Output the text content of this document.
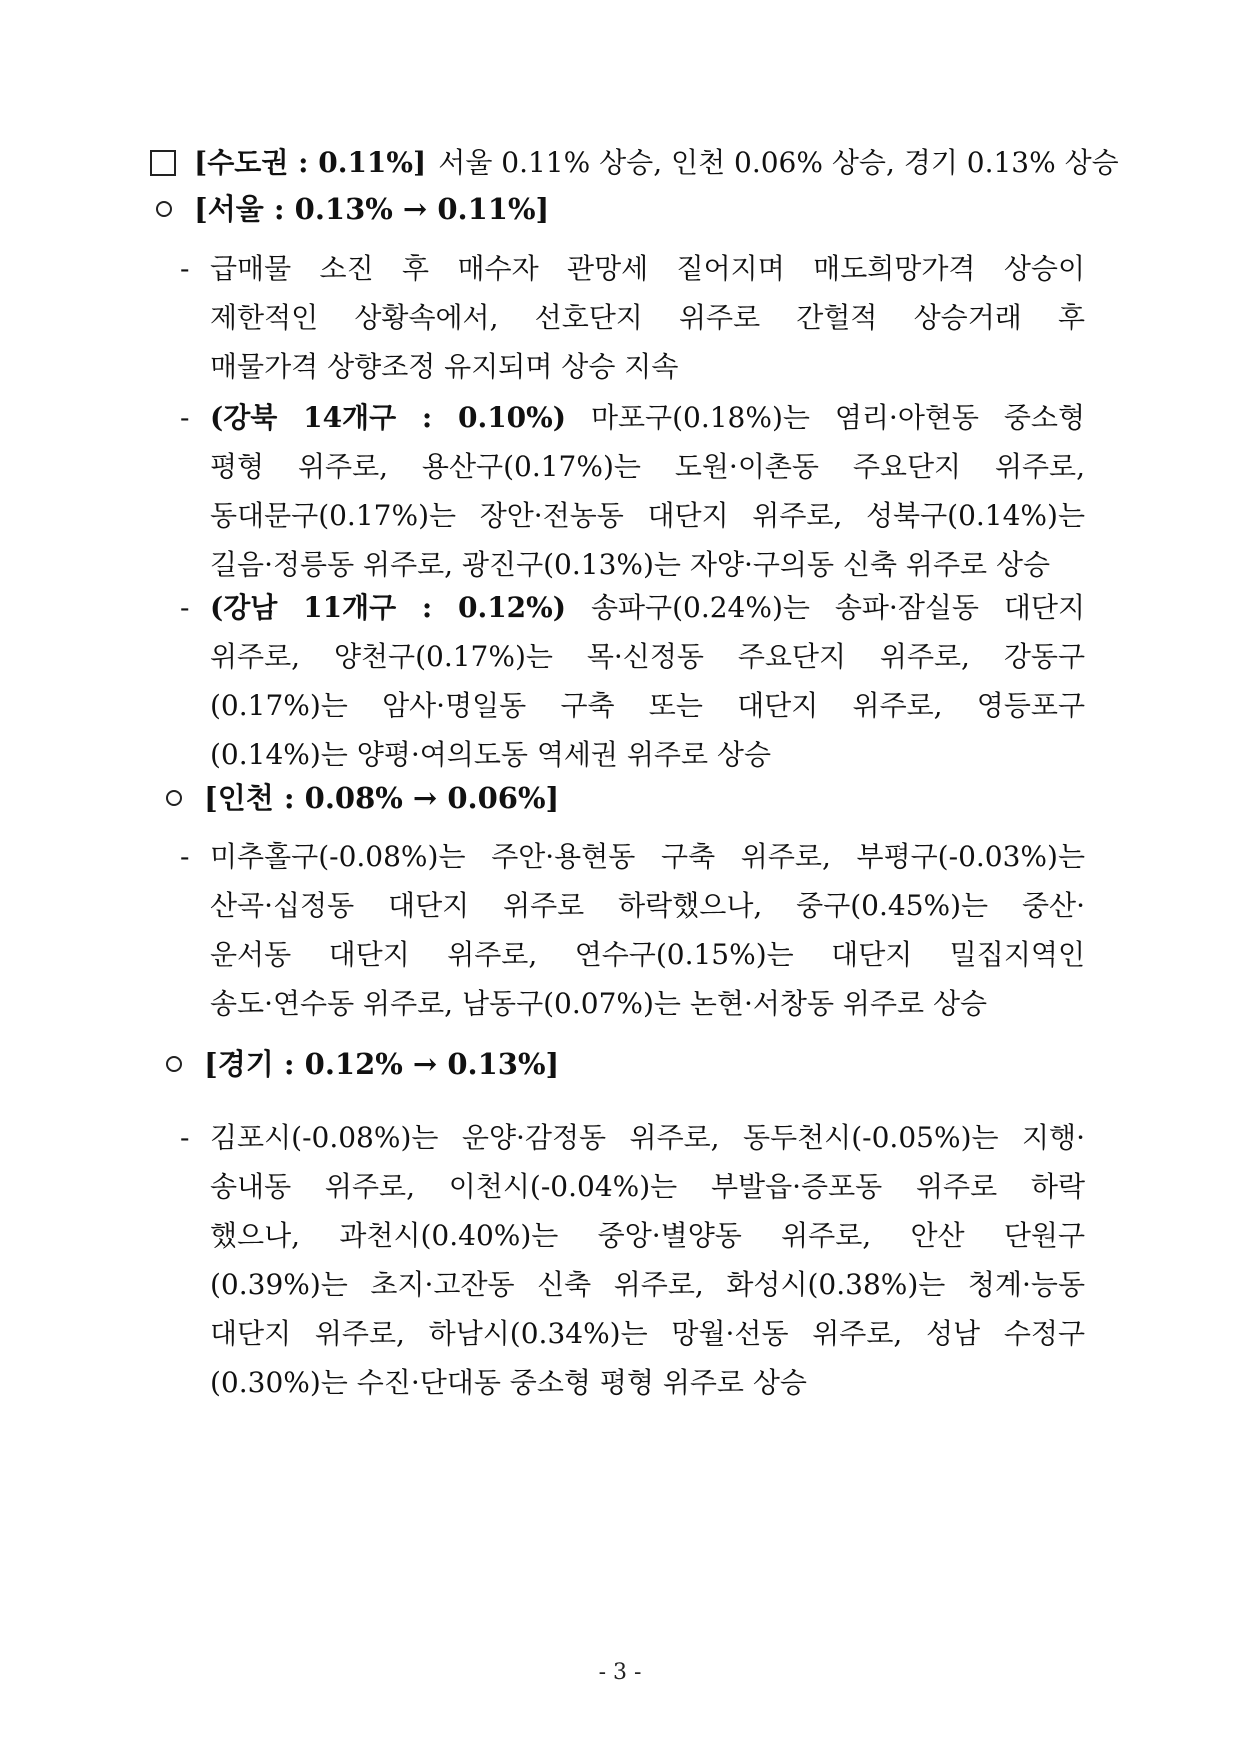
[수도권 : 0.11%] 서울 0.11% 상승, 인천 0.06% 상승, 경기 0.13% 상승
[서울 : 0.13% → 0.11%]
- 급매물 소진 후 매수자 관망세 짙어지며 매도희망가격 상승이
제한적인 상황속에서, 선호단지 위주로 간헐적 상승거래 후
매물가격 상향조정 유지되며 상승 지속
- (강북 14개구 : 0.10%) 마포구(0.18%)는 염리·아현동 중소형
평형 위주로, 용산구(0.17%)는 도원·이촌동 주요단지 위주로,
동대문구(0.17%)는 장안·전농동 대단지 위주로, 성북구(0.14%)는
길음·정릉동 위주로, 광진구(0.13%)는 자양·구의동 신축 위주로 상승
- (강남 11개구 : 0.12%) 송파구(0.24%)는 송파·잠실동 대단지
위주로, 양천구(0.17%)는 목·신정동 주요단지 위주로, 강동구
(0.17%)는 암사·명일동 구축 또는 대단지 위주로, 영등포구
(0.14%)는 양평·여의도동 역세권 위주로 상승
[인천 : 0.08% → 0.06%]
- 미추홀구(-0.08%)는 주안·용현동 구축 위주로, 부평구(-0.03%)는
산곡·십정동 대단지 위주로 하락했으나, 중구(0.45%)는 중산·
운서동 대단지 위주로, 연수구(0.15%)는 대단지 밀집지역인
송도·연수동 위주로, 남동구(0.07%)는 논현·서창동 위주로 상승
[경기 : 0.12% → 0.13%]
- 김포시(-0.08%)는 운양·감정동 위주로, 동두천시(-0.05%)는 지행·
송내동 위주로, 이천시(-0.04%)는 부발읍·증포동 위주로 하락
했으나, 과천시(0.40%)는 중앙·별양동 위주로, 안산 단원구
(0.39%)는 초지·고잔동 신축 위주로, 화성시(0.38%)는 청계·능동
대단지 위주로, 하남시(0.34%)는 망월·선동 위주로, 성남 수정구
(0.30%)는 수진·단대동 중소형 평형 위주로 상승
- 3 -
